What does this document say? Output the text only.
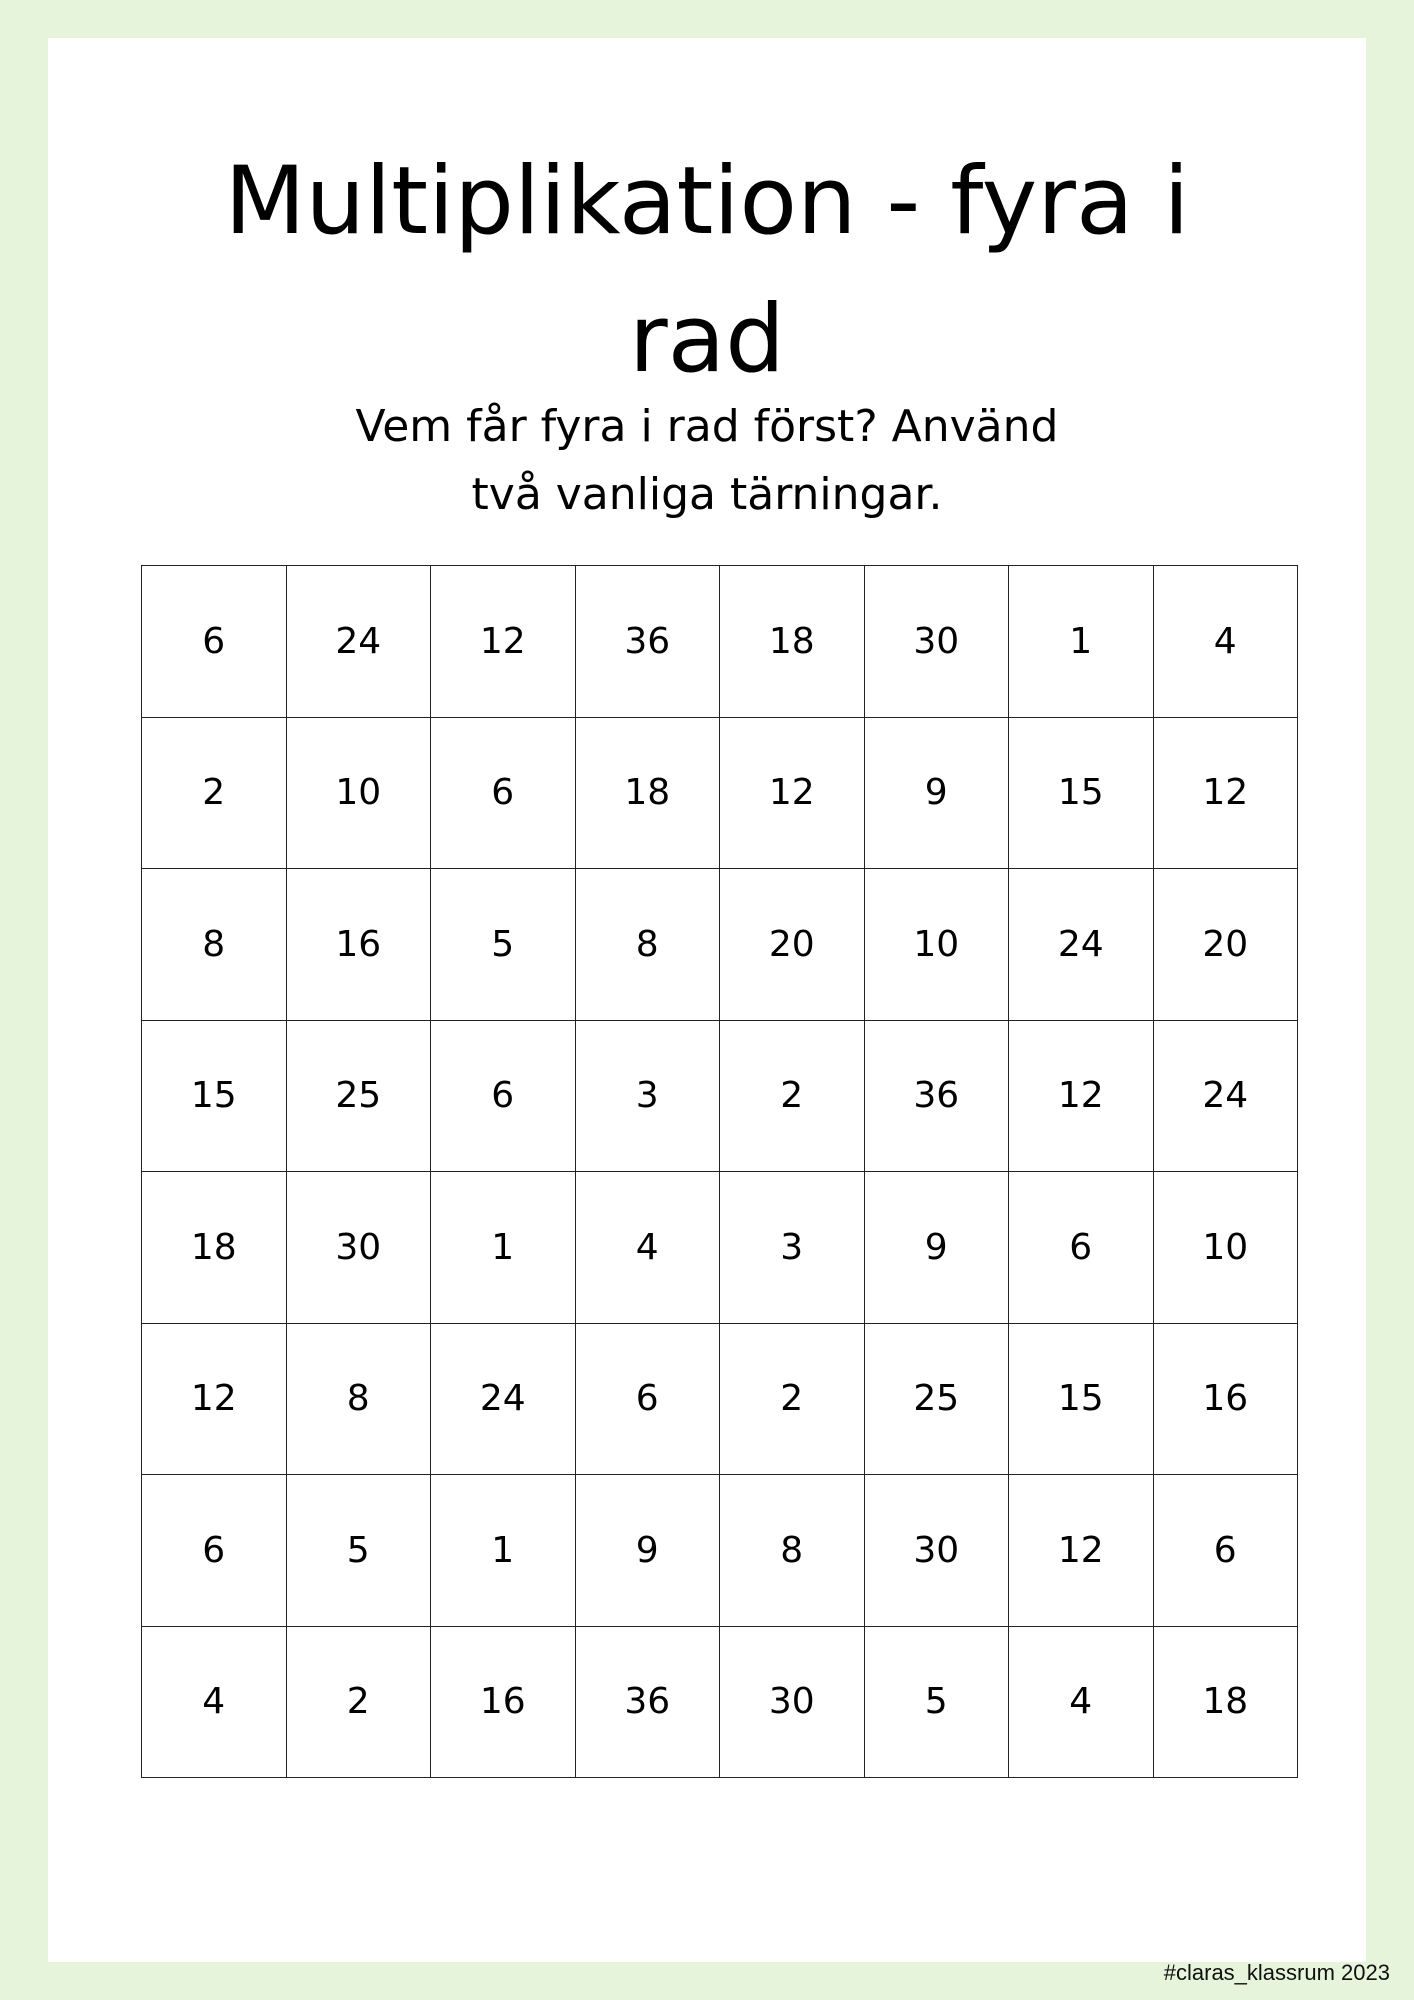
Multiplikation - fyra i
rad
Vem får fyra i rad först? Använd
två vanliga tärningar.
6	24	12	36	18	30	1	4
2	10	6	18	12	9	15	12
8	16	5	8	20	10	24	20
15	25	6	3	2	36	12	24
18	30	1	4	3	9	6	10
12	8	24	6	2	25	15	16
6	5	1	9	8	30	12	6
4	2	16	36	30	5	4	18
#claras_klassrum 2023
